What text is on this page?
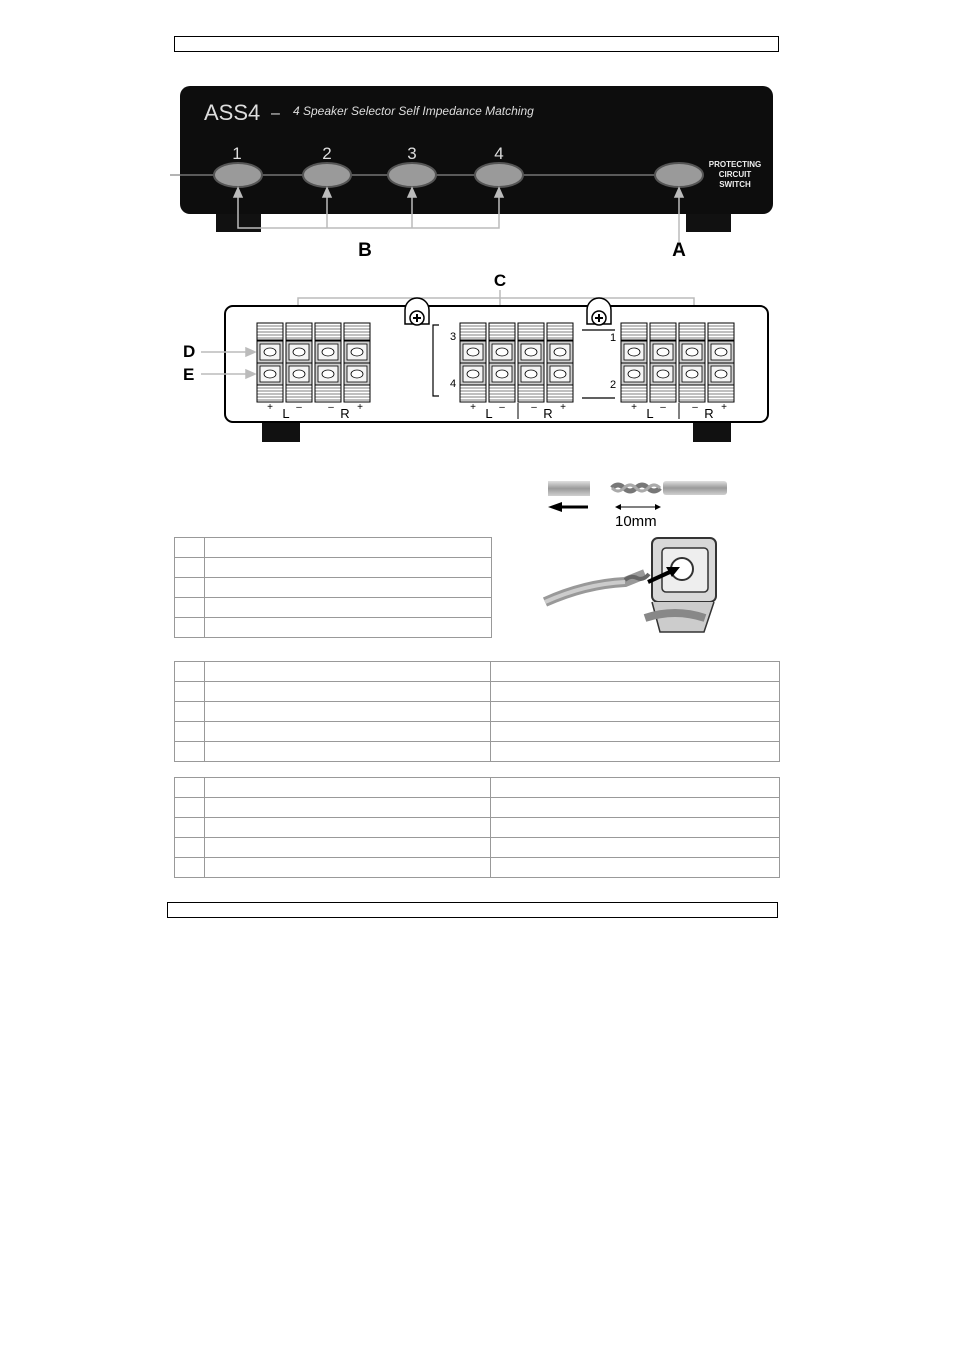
ASS4 – 4 Speaker Selector Self Impedance Matching
1	2	3	4
PROTECTING
CIRCUIT
SWITCH
B	A
C
3
4
1
2
+ L –	– R +	+ L –	– R +	+ L –	– R +
D
E
10mm
